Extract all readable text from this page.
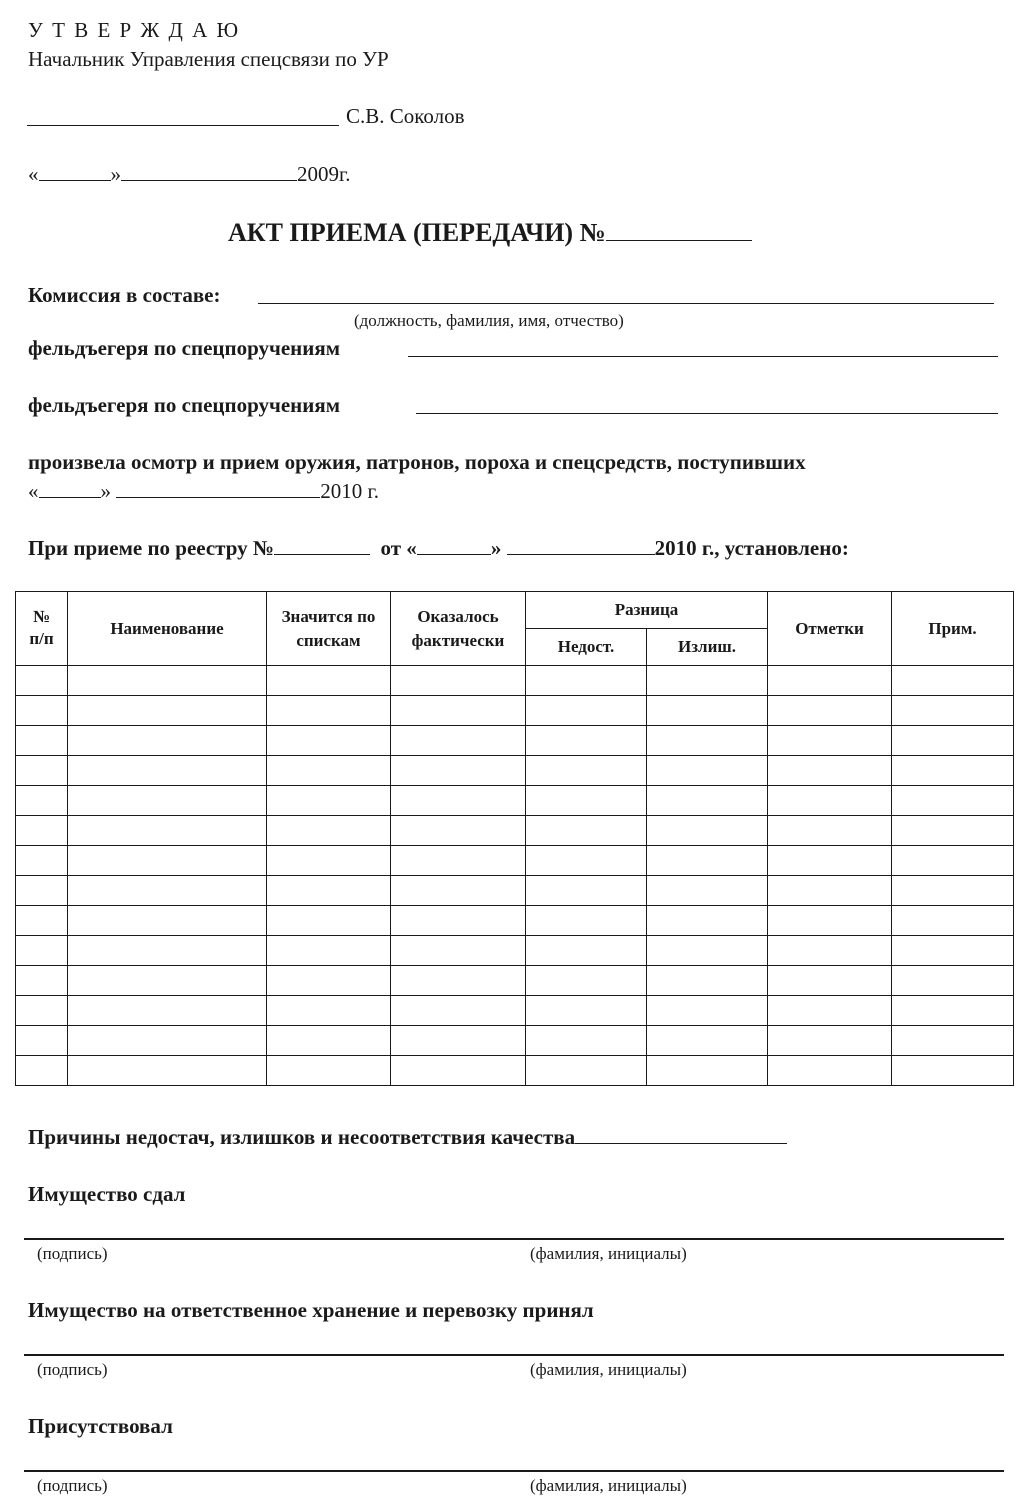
У Т В Е Р Ж Д А Ю
Начальник Управления спецсвязи по УР
С.В. Соколов
«	»	2009г.
АКТ ПРИЕМА (ПЕРЕДАЧИ) №
Комиссия в составе:
(должность, фамилия, имя, отчество)
фельдъегеря по спецпоручениям
фельдъегеря по спецпоручениям
произвела осмотр и прием оружия, патронов, пороха и спецсредств, поступивших
«	»	2010 г.
При приеме по реестру №	от «	»	2010 г., установлено:
№ п/п	Наименование	Значится по спискам	Оказалось фактически	Разница		Отметки	Прим.
				Недост.	Излиш.		

Причины недостач, излишков и несоответствия качества
Имущество сдал
(подпись)	(фамилия, инициалы)
Имущество на ответственное хранение и перевозку принял
(подпись)	(фамилия, инициалы)
Присутствовал
(подпись)	(фамилия, инициалы)
